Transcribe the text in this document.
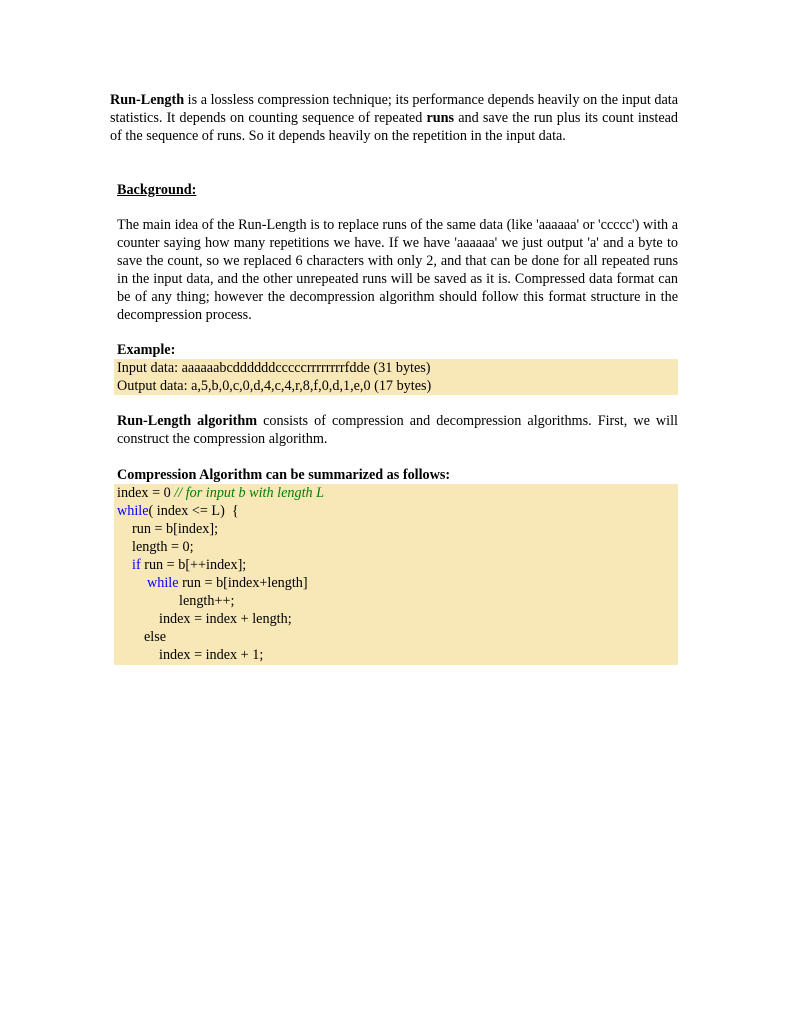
Run-Length is a lossless compression technique; its performance depends heavily on the input data statistics. It depends on counting sequence of repeated runs and save the run plus its count instead of the sequence of runs. So it depends heavily on the repetition in the input data.
Background:
The main idea of the Run-Length is to replace runs of the same data (like 'aaaaaa' or 'ccccc') with a counter saying how many repetitions we have. If we have 'aaaaaa' we just output 'a' and a byte to save the count, so we replaced 6 characters with only 2, and that can be done for all repeated runs in the input data, and the other unrepeated runs will be saved as it is. Compressed data format can be of any thing; however the decompression algorithm should follow this format structure in the decompression process.
Example:
Input data: aaaaaabcddddddcccccrrrrrrrrfdde (31 bytes)
Output data: a,5,b,0,c,0,d,4,c,4,r,8,f,0,d,1,e,0 (17 bytes)
Run-Length algorithm consists of compression and decompression algorithms. First, we will construct the compression algorithm.
Compression Algorithm can be summarized as follows:
index = 0 // for input b with length L
while( index <= L)  {
run = b[index];
length = 0;
if run = b[++index];
while run = b[index+length]
length++;
index = index + length;
else
index = index + 1;
